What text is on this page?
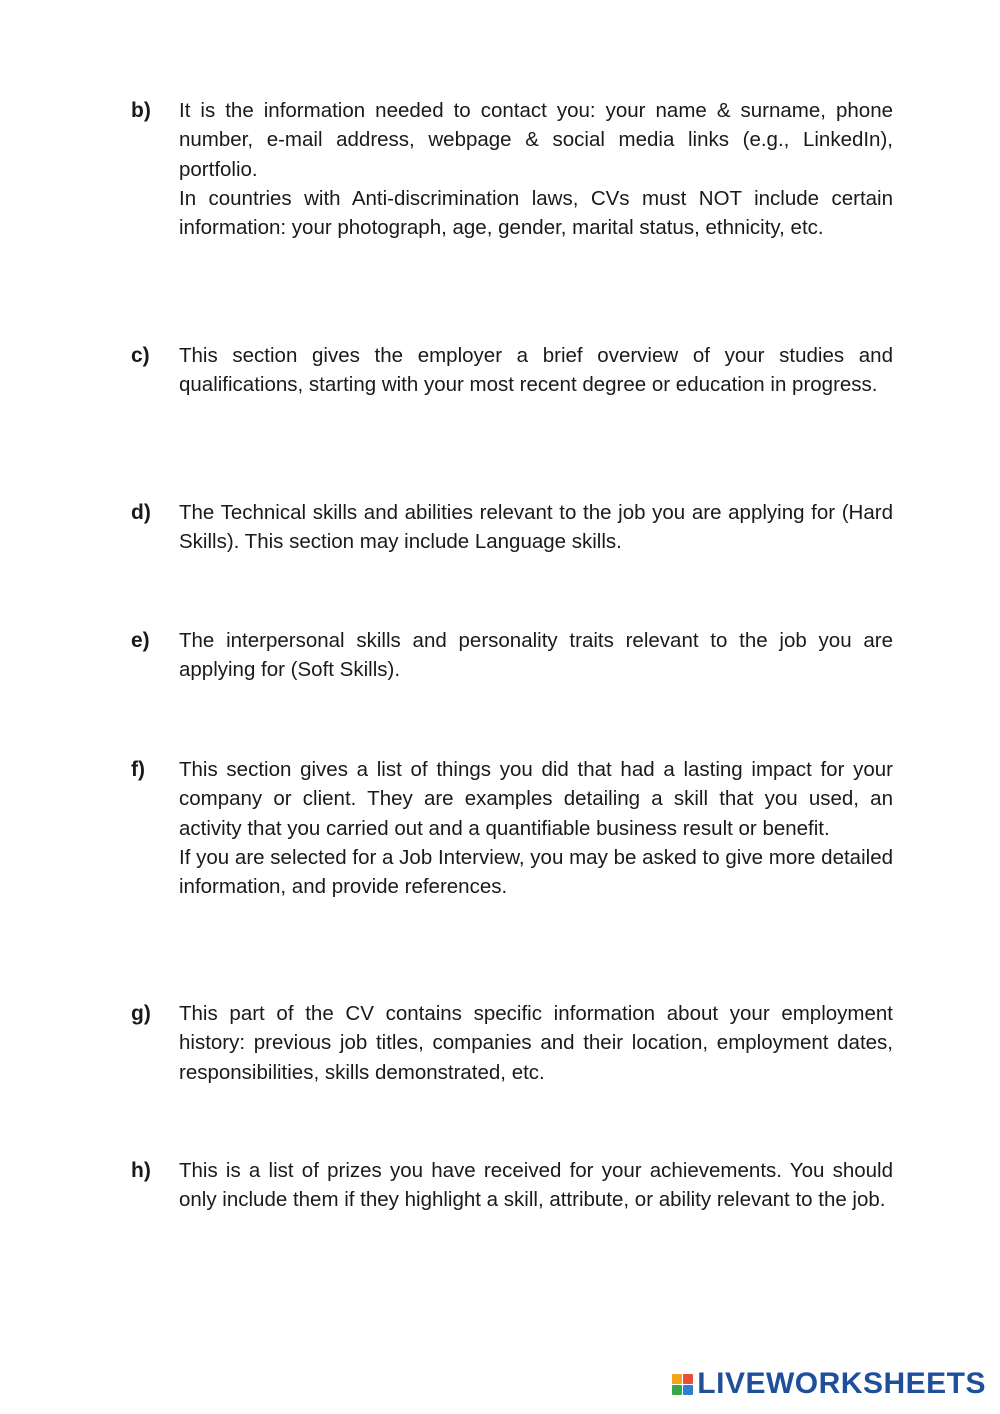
b) It is the information needed to contact you: your name & surname, phone number, e-mail address, webpage & social media links (e.g., LinkedIn), portfolio.

In countries with Anti-discrimination laws, CVs must NOT include certain information: your photograph, age, gender, marital status, ethnicity, etc.

c) This section gives the employer a brief overview of your studies and qualifications, starting with your most recent degree or education in progress.

d) The Technical skills and abilities relevant to the job you are applying for (Hard Skills). This section may include Language skills.

e) The interpersonal skills and personality traits relevant to the job you are applying for (Soft Skills).

f) This section gives a list of things you did that had a lasting impact for your company or client. They are examples detailing a skill that you used, an activity that you carried out and a quantifiable business result or benefit.

If you are selected for a Job Interview, you may be asked to give more detailed information, and provide references.

g) This part of the CV contains specific information about your employment history: previous job titles, companies and their location, employment dates, responsibilities, skills demonstrated, etc.

h) This is a list of prizes you have received for your achievements. You should only include them if they highlight a skill, attribute, or ability relevant to the job.

LIVEWORKSHEETS
